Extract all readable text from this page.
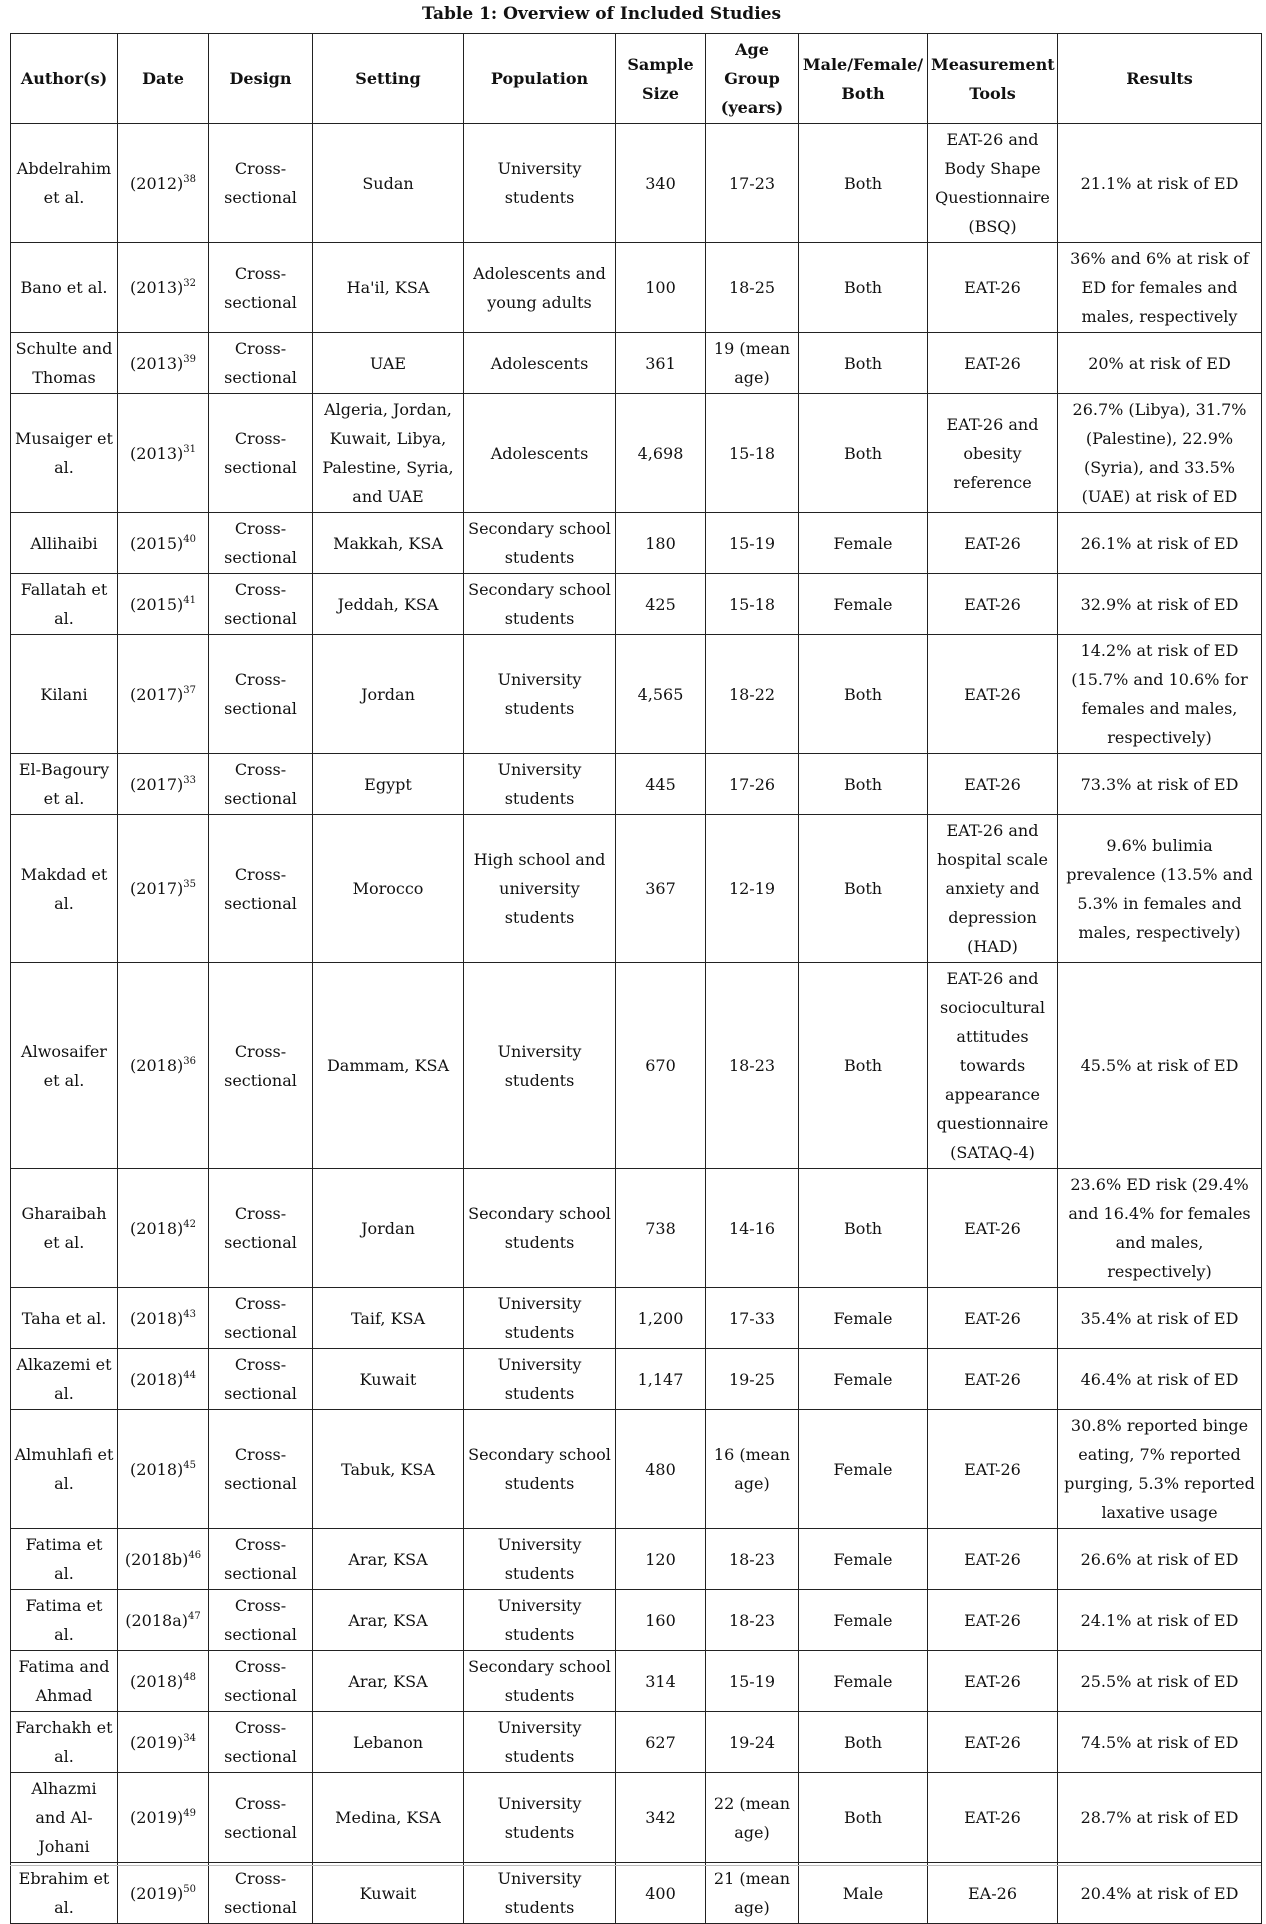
Table 1: Overview of Included Studies
Author(s)	Date	Design	Setting	Population	Sample Size	Age Group (years)	Male/Female/ Both	Measurement Tools	Results
Abdelrahim et al.	$(2012)^{38}$	Cross-sectional	Sudan	University students	340	17-23	Both	EAT-26 and Body Shape Questionnaire (BSQ)	21.1% at risk of ED
Bano et al.	$(2013)^{32}$	Cross-sectional	Ha'il, KSA	Adolescents and young adults	100	18-25	Both	EAT-26	36% and 6% at risk of ED for females and males, respectively
Schulte and Thomas	$(2013)^{39}$	Cross-sectional	UAE	Adolescents	361	19 (mean age)	Both	EAT-26	20% at risk of ED
Musaiger et al.	$(2013)^{31}$	Cross-sectional	Algeria, Jordan, Kuwait, Libya, Palestine, Syria, and UAE	Adolescents	4,698	15-18	Both	EAT-26 and obesity reference	26.7% (Libya), 31.7% (Palestine), 22.9% (Syria), and 33.5% (UAE) at risk of ED
Allihaibi	$(2015)^{40}$	Cross-sectional	Makkah, KSA	Secondary school students	180	15-19	Female	EAT-26	26.1% at risk of ED
Fallatah et al.	$(2015)^{41}$	Cross-sectional	Jeddah, KSA	Secondary school students	425	15-18	Female	EAT-26	32.9% at risk of ED
Kilani	$(2017)^{37}$	Cross-sectional	Jordan	University students	4,565	18-22	Both	EAT-26	14.2% at risk of ED (15.7% and 10.6% for females and males, respectively)
El-Bagoury et al.	$(2017)^{33}$	Cross-sectional	Egypt	University students	445	17-26	Both	EAT-26	73.3% at risk of ED
Makdad et al.	$(2017)^{35}$	Cross-sectional	Morocco	High school and university students	367	12-19	Both	EAT-26 and hospital scale anxiety and depression (HAD)	9.6% bulimia prevalence (13.5% and 5.3% in females and males, respectively)
Alwosaifer et al.	$(2018)^{36}$	Cross-sectional	Dammam, KSA	University students	670	18-23	Both	EAT-26 and sociocultural attitudes towards appearance questionnaire (SATAQ-4)	45.5% at risk of ED
Gharaibah et al.	$(2018)^{42}$	Cross-sectional	Jordan	Secondary school students	738	14-16	Both	EAT-26	23.6% ED risk (29.4% and 16.4% for females and males, respectively)
Taha et al.	$(2018)^{43}$	Cross-sectional	Taif, KSA	University students	1,200	17-33	Female	EAT-26	35.4% at risk of ED
Alkazemi et al.	$(2018)^{44}$	Cross-sectional	Kuwait	University students	1,147	19-25	Female	EAT-26	46.4% at risk of ED
Almuhlafi et al.	$(2018)^{45}$	Cross-sectional	Tabuk, KSA	Secondary school students	480	16 (mean age)	Female	EAT-26	30.8% reported binge eating, 7% reported purging, 5.3% reported laxative usage
Fatima et al.	$(2018b)^{46}$	Cross-sectional	Arar, KSA	University students	120	18-23	Female	EAT-26	26.6% at risk of ED
Fatima et al.	$(2018a)^{47}$	Cross-sectional	Arar, KSA	University students	160	18-23	Female	EAT-26	24.1% at risk of ED
Fatima and Ahmad	$(2018)^{48}$	Cross-sectional	Arar, KSA	Secondary school students	314	15-19	Female	EAT-26	25.5% at risk of ED
Farchakh et al.	$(2019)^{34}$	Cross-sectional	Lebanon	University students	627	19-24	Both	EAT-26	74.5% at risk of ED
Alhazmi and Al-Johani	$(2019)^{49}$	Cross-sectional	Medina, KSA	University students	342	22 (mean age)	Both	EAT-26	28.7% at risk of ED
Ebrahim et al.	$(2019)^{50}$	Cross-sectional	Kuwait	University students	400	21 (mean age)	Male	EA-26	20.4% at risk of ED
